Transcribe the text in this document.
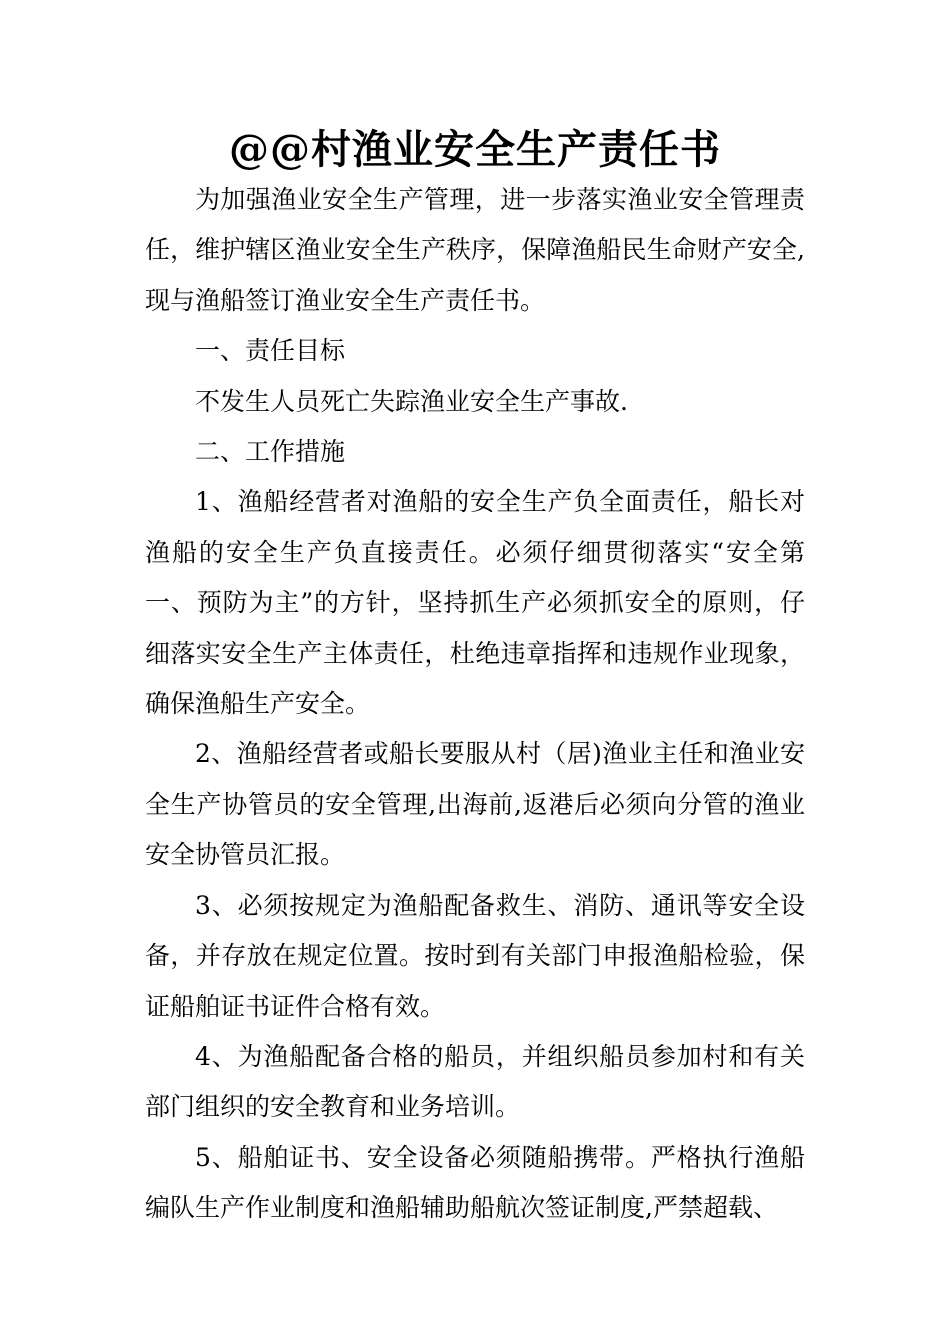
@@村渔业安全生产责任书

为加强渔业安全生产管理，进一步落实渔业安全管理责任，维护辖区渔业安全生产秩序，保障渔船民生命财产安全,现与渔船签订渔业安全生产责任书。

一、责任目标

不发生人员死亡失踪渔业安全生产事故.

二、工作措施

1、渔船经营者对渔船的安全生产负全面责任，船长对渔船的安全生产负直接责任。必须仔细贯彻落实“安全第一、预防为主”的方针，坚持抓生产必须抓安全的原则，仔细落实安全生产主体责任，杜绝违章指挥和违规作业现象，确保渔船生产安全。

2、渔船经营者或船长要服从村（居)渔业主任和渔业安全生产协管员的安全管理,出海前,返港后必须向分管的渔业安全协管员汇报。

3、必须按规定为渔船配备救生、消防、通讯等安全设备，并存放在规定位置。按时到有关部门申报渔船检验，保证船舶证书证件合格有效。

4、为渔船配备合格的船员，并组织船员参加村和有关部门组织的安全教育和业务培训。

5、船舶证书、安全设备必须随船携带。严格执行渔船编队生产作业制度和渔船辅助船航次签证制度,严禁超载、
